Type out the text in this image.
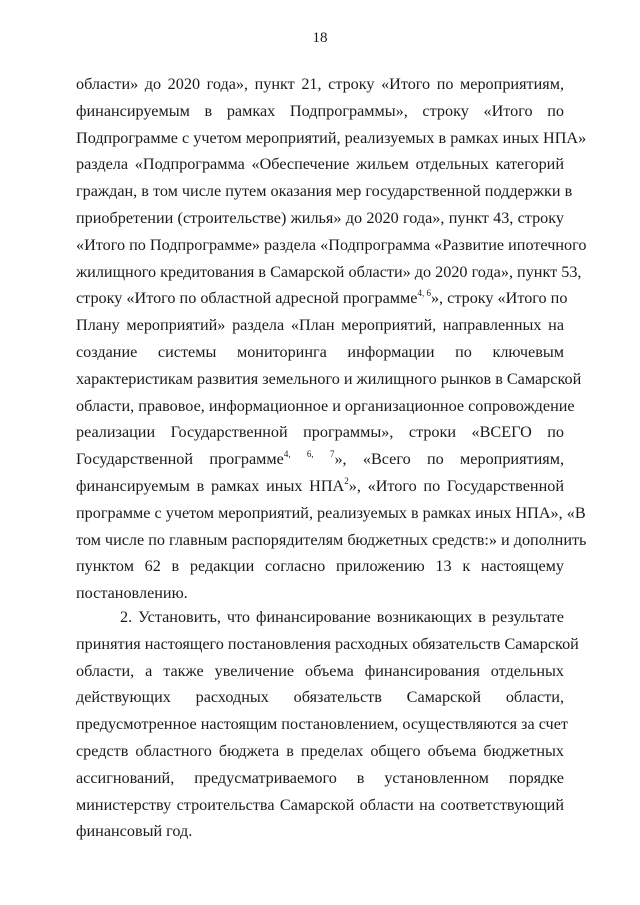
18
области» до 2020 года», пункт 21, строку «Итого по мероприятиям,
финансируемым в рамках Подпрограммы», строку «Итого по
Подпрограмме с учетом мероприятий, реализуемых в рамках иных НПА»
раздела «Подпрограмма «Обеспечение жильем отдельных категорий
граждан, в том числе путем оказания мер государственной поддержки в
приобретении (строительстве) жилья» до 2020 года», пункт 43, строку
«Итого по Подпрограмме» раздела «Подпрограмма «Развитие ипотечного
жилищного кредитования в Самарской области» до 2020 года», пункт 53,
строку «Итого по областной адресной программе$^{4, 6}$», строку «Итого по
Плану мероприятий» раздела «План мероприятий, направленных на
создание системы мониторинга информации по ключевым
характеристикам развития земельного и жилищного рынков в Самарской
области, правовое, информационное и организационное сопровождение
реализации Государственной программы», строки «ВСЕГО по
Государственной программе$^{4,}$ $^{6,}$ $^7$», «Всего по мероприятиям,
финансируемым в рамках иных НПА$^2$», «Итого по Государственной
программе с учетом мероприятий, реализуемых в рамках иных НПА», «В
том числе по главным распорядителям бюджетных средств:» и дополнить
пунктом 62 в редакции согласно приложению 13 к настоящему
постановлению.
2. Установить, что финансирование возникающих в результате
принятия настоящего постановления расходных обязательств Самарской
области, а также увеличение объема финансирования отдельных
действующих расходных обязательств Самарской области,
предусмотренное настоящим постановлением, осуществляются за счет
средств областного бюджета в пределах общего объема бюджетных
ассигнований, предусматриваемого в установленном порядке
министерству строительства Самарской области на соответствующий
финансовый год.
